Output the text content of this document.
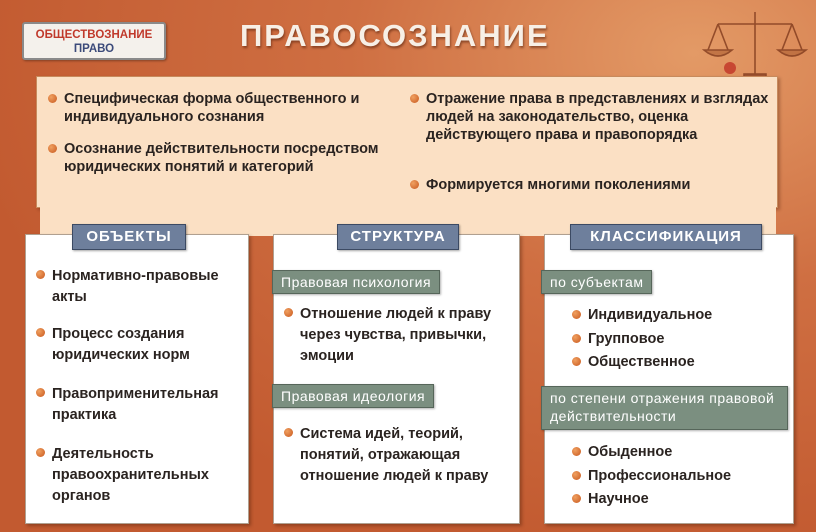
ОБЩЕСТВОЗНАНИЕ
ПРАВО	ПРАВОСОЗНАНИЕ
Специфическая форма общественного и индивидуального сознания
Осознание действительности посредством юридических понятий и категорий
Отражение права в представлениях и взглядах людей на законодательство, оценка действующего права и правопорядка
Формируется многими поколениями
ОБЪЕКТЫ
Нормативно-правовые акты
Процесс создания юридических норм
Правоприменительная практика
Деятельность правоохранительных органов
СТРУКТУРА
Правовая психология
Отношение людей к праву через чувства, привычки, эмоции
Правовая идеология
Система идей, теорий, понятий, отражающая отношение людей к праву
КЛАССИФИКАЦИЯ
по субъектам
Индивидуальное
Групповое
Общественное
по степени отражения правовой действительности
Обыденное
Профессиональное
Научное
